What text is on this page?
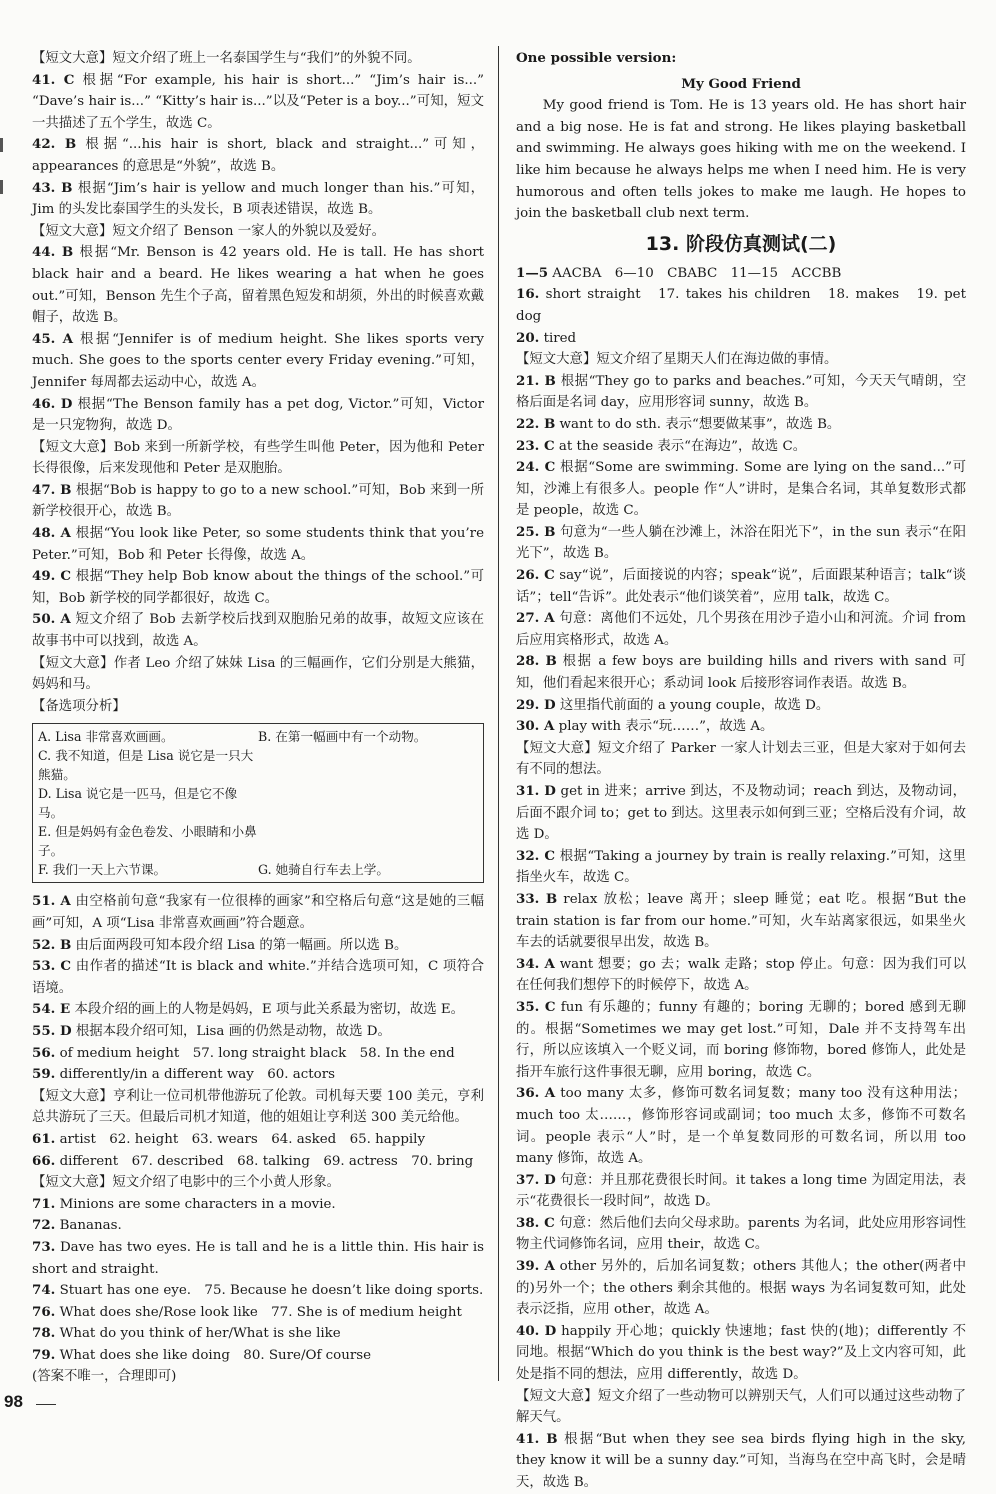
【短文大意】短文介绍了班上一名泰国学生与“我们”的外貌不同。

41. C 根据“For example, his hair is short...” “Jim’s hair is...” “Dave’s hair is...” “Kitty’s hair is...”以及“Peter is a boy...”可知，短文一共描述了五个学生，故选 C。

42. B 根据“...his hair is short, black and straight...”可知，appearances 的意思是“外貌”，故选 B。

43. B 根据“Jim’s hair is yellow and much longer than his.”可知，Jim 的头发比泰国学生的头发长，B 项表述错误，故选 B。

【短文大意】短文介绍了 Benson 一家人的外貌以及爱好。

44. B 根据“Mr. Benson is 42 years old. He is tall. He has short black hair and a beard. He likes wearing a hat when he goes out.”可知，Benson 先生个子高，留着黑色短发和胡须，外出的时候喜欢戴帽子，故选 B。

45. A 根据“Jennifer is of medium height. She likes sports very much. She goes to the sports center every Friday evening.”可知，Jennifer 每周都去运动中心，故选 A。

46. D 根据“The Benson family has a pet dog, Victor.”可知，Victor 是一只宠物狗，故选 D。

【短文大意】Bob 来到一所新学校，有些学生叫他 Peter，因为他和 Peter 长得很像，后来发现他和 Peter 是双胞胎。

47. B 根据“Bob is happy to go to a new school.”可知，Bob 来到一所新学校很开心，故选 B。

48. A 根据“You look like Peter, so some students think that you’re Peter.”可知，Bob 和 Peter 长得像，故选 A。

49. C 根据“They help Bob know about the things of the school.”可知，Bob 新学校的同学都很好，故选 C。

50. A 短文介绍了 Bob 去新学校后找到双胞胎兄弟的故事，故短文应该在故事书中可以找到，故选 A。

【短文大意】作者 Leo 介绍了妹妹 Lisa 的三幅画作，它们分别是大熊猫，妈妈和马。

【备选项分析】

A. Lisa 非常喜欢画画。	B. 在第一幅画中有一个动物。
C. 我不知道，但是 Lisa 说它是一只大熊猫。
D. Lisa 说它是一匹马，但是它不像马。
E. 但是妈妈有金色卷发、小眼睛和小鼻子。
F. 我们一天上六节课。	G. 她骑自行车去上学。

51. A 由空格前句意“我家有一位很棒的画家”和空格后句意“这是她的三幅画”可知，A 项“Lisa 非常喜欢画画”符合题意。

52. B 由后面两段可知本段介绍 Lisa 的第一幅画。所以选 B。

53. C 由作者的描述“It is black and white.”并结合选项可知，C 项符合语境。

54. E 本段介绍的画上的人物是妈妈，E 项与此关系最为密切，故选 E。

55. D 根据本段介绍可知，Lisa 画的仍然是动物，故选 D。

56. of medium height　57. long straight black　58. In the end

59. differently/in a different way　60. actors

【短文大意】亨利让一位司机带他游玩了伦敦。司机每天要 100 美元，亨利总共游玩了三天。但最后司机才知道，他的姐姐让亨利送 300 美元给他。

61. artist　62. height　63. wears　64. asked　65. happily

66. different　67. described　68. talking　69. actress　70. bring

【短文大意】短文介绍了电影中的三个小黄人形象。

71. Minions are some characters in a movie.

72. Bananas.

73. Dave has two eyes. He is tall and he is a little thin. His hair is short and straight.

74. Stuart has one eye.　75. Because he doesn’t like doing sports.

76. What does she/Rose look like　77. She is of medium height

78. What do you think of her/What is she like

79. What does she like doing　80. Sure/Of course

(答案不唯一，合理即可)

One possible version:

My Good Friend

My good friend is Tom. He is 13 years old. He has short hair and a big nose. He is fat and strong. He likes playing basketball and swimming. He always goes hiking with me on the weekend. I like him because he always helps me when I need him. He is very humorous and often tells jokes to make me laugh. He hopes to join the basketball club next term.

13. 阶段仿真测试(二)

1—5 AACBA　6—10　CBABC　11—15　ACCBB

16. short straight　17. takes his children　18. makes　19. pet dog

20. tired

【短文大意】短文介绍了星期天人们在海边做的事情。

21. B 根据“They go to parks and beaches.”可知，今天天气晴朗，空格后面是名词 day，应用形容词 sunny，故选 B。

22. B want to do sth. 表示“想要做某事”，故选 B。

23. C at the seaside 表示“在海边”，故选 C。

24. C 根据“Some are swimming. Some are lying on the sand...”可知，沙滩上有很多人。people 作“人”讲时，是集合名词，其单复数形式都是 people，故选 C。

25. B 句意为“一些人躺在沙滩上，沐浴在阳光下”，in the sun 表示“在阳光下”，故选 B。

26. C say“说”，后面接说的内容；speak“说”，后面跟某种语言；talk“谈话”；tell“告诉”。此处表示“他们谈笑着”，应用 talk，故选 C。

27. A 句意：离他们不远处，几个男孩在用沙子造小山和河流。介词 from 后应用宾格形式，故选 A。

28. B 根据 a few boys are building hills and rivers with sand 可知，他们看起来很开心；系动词 look 后接形容词作表语。故选 B。

29. D 这里指代前面的 a young couple，故选 D。

30. A play with 表示“玩……”，故选 A。

【短文大意】短文介绍了 Parker 一家人计划去三亚，但是大家对于如何去有不同的想法。

31. D get in 进来；arrive 到达，不及物动词；reach 到达，及物动词，后面不跟介词 to；get to 到达。这里表示如何到三亚；空格后没有介词，故选 D。

32. C 根据“Taking a journey by train is really relaxing.”可知，这里指坐火车，故选 C。

33. B relax 放松；leave 离开；sleep 睡觉；eat 吃。根据“But the train station is far from our home.”可知，火车站离家很远，如果坐火车去的话就要很早出发，故选 B。

34. A want 想要；go 去；walk 走路；stop 停止。句意：因为我们可以在任何我们想停下的时候停下，故选 A。

35. C fun 有乐趣的；funny 有趣的；boring 无聊的；bored 感到无聊的。根据“Sometimes we may get lost.”可知，Dale 并不支持驾车出行，所以应该填入一个贬义词，而 boring 修饰物，bored 修饰人，此处是指开车旅行这件事很无聊，应用 boring，故选 C。

36. A too many 太多，修饰可数名词复数；many too 没有这种用法；much too 太……，修饰形容词或副词；too much 太多，修饰不可数名词。people 表示“人”时，是一个单复数同形的可数名词，所以用 too many 修饰，故选 A。

37. D 句意：并且那花费很长时间。it takes a long time 为固定用法，表示“花费很长一段时间”，故选 D。

38. C 句意：然后他们去向父母求助。parents 为名词，此处应用形容词性物主代词修饰名词，应用 their，故选 C。

39. A other 另外的，后加名词复数；others 其他人；the other(两者中的)另外一个；the others 剩余其他的。根据 ways 为名词复数可知，此处表示泛指，应用 other，故选 A。

40. D happily 开心地；quickly 快速地；fast 快的(地)；differently 不同地。根据“Which do you think is the best way?”及上文内容可知，此处是指不同的想法，应用 differently，故选 D。

【短文大意】短文介绍了一些动物可以辨别天气，人们可以通过这些动物了解天气。

41. B 根据“But when they see sea birds flying high in the sky, they know it will be a sunny day.”可知，当海鸟在空中高飞时，会是晴天，故选 B。

98
